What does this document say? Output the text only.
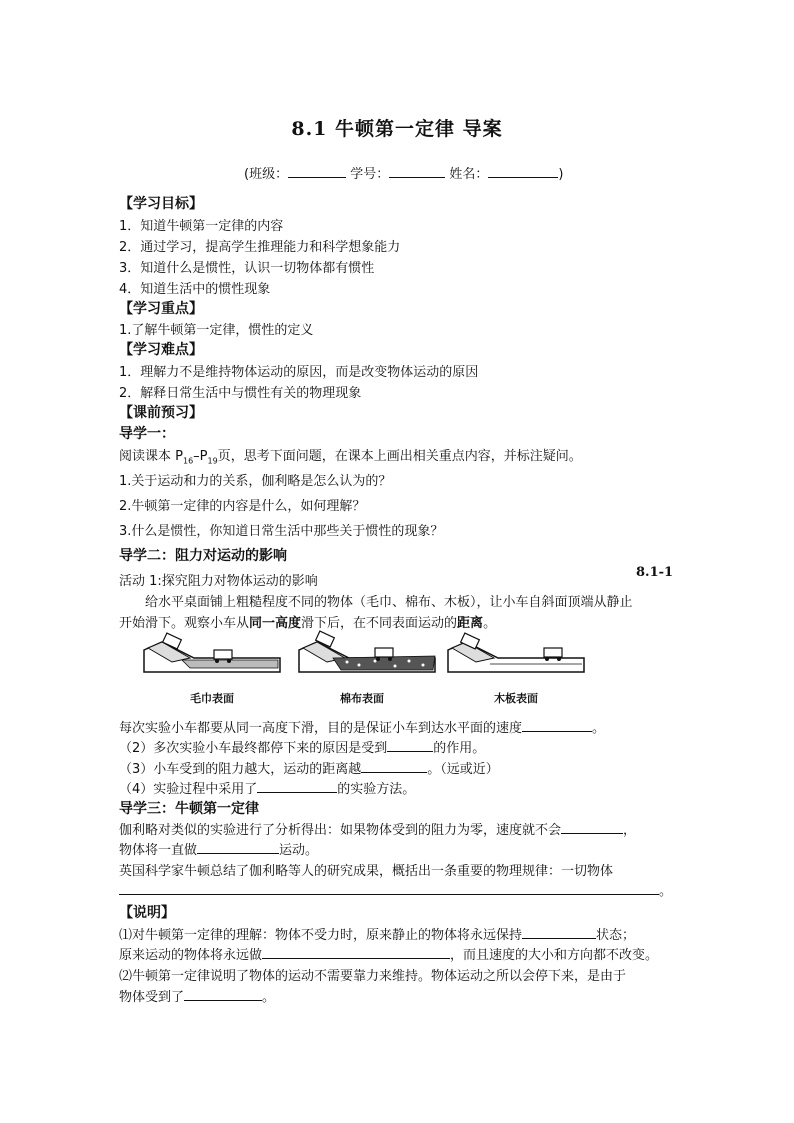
8.1 牛顿第一定律 导案
(班级：	学号：	姓名：	)
【学习目标】
1．知道牛顿第一定律的内容
2．通过学习，提高学生推理能力和科学想象能力
3．知道什么是惯性，认识一切物体都有惯性
4．知道生活中的惯性现象
【学习重点】
1.了解牛顿第一定律，惯性的定义
【学习难点】
1．理解力不是维持物体运动的原因，而是改变物体运动的原因
2．解释日常生活中与惯性有关的物理现象
【课前预习】
导学一：
阅读课本 $P_{16}-P_{19}$页，思考下面问题，在课本上画出相关重点内容，并标注疑问。
1.关于运动和力的关系，伽利略是怎么认为的？
2.牛顿第一定律的内容是什么，如何理解？
3.什么是惯性，你知道日常生活中那些关于惯性的现象？
导学二：阻力对运动的影响
活动 1:探究阻力对物体运动的影响
8.1-1
给水平桌面铺上粗糙程度不同的物体（毛巾、棉布、木板），让小车自斜面顶端从静止
开始滑下。观察小车从同一高度滑下后，在不同表面运动的距离。
毛巾表面	棉布表面	木板表面
每次实验小车都要从同一高度下滑，目的是保证小车到达水平面的速度	。
（2）多次实验小车最终都停下来的原因是受到	的作用。
（3）小车受到的阻力越大，运动的距离越	。（远或近）
（4）实验过程中采用了	的实验方法。
导学三：牛顿第一定律
伽利略对类似的实验进行了分析得出：如果物体受到的阻力为零，速度就不会	，
物体将一直做	运动。
英国科学家牛顿总结了伽利略等人的研究成果，概括出一条重要的物理规律：一切物体
。
【说明】
⑴对牛顿第一定律的理解：物体不受力时，原来静止的物体将永远保持	状态；
原来运动的物体将永远做	，而且速度的大小和方向都不改变。
⑵牛顿第一定律说明了物体的运动不需要靠力来维持。物体运动之所以会停下来，是由于
物体受到了	。
